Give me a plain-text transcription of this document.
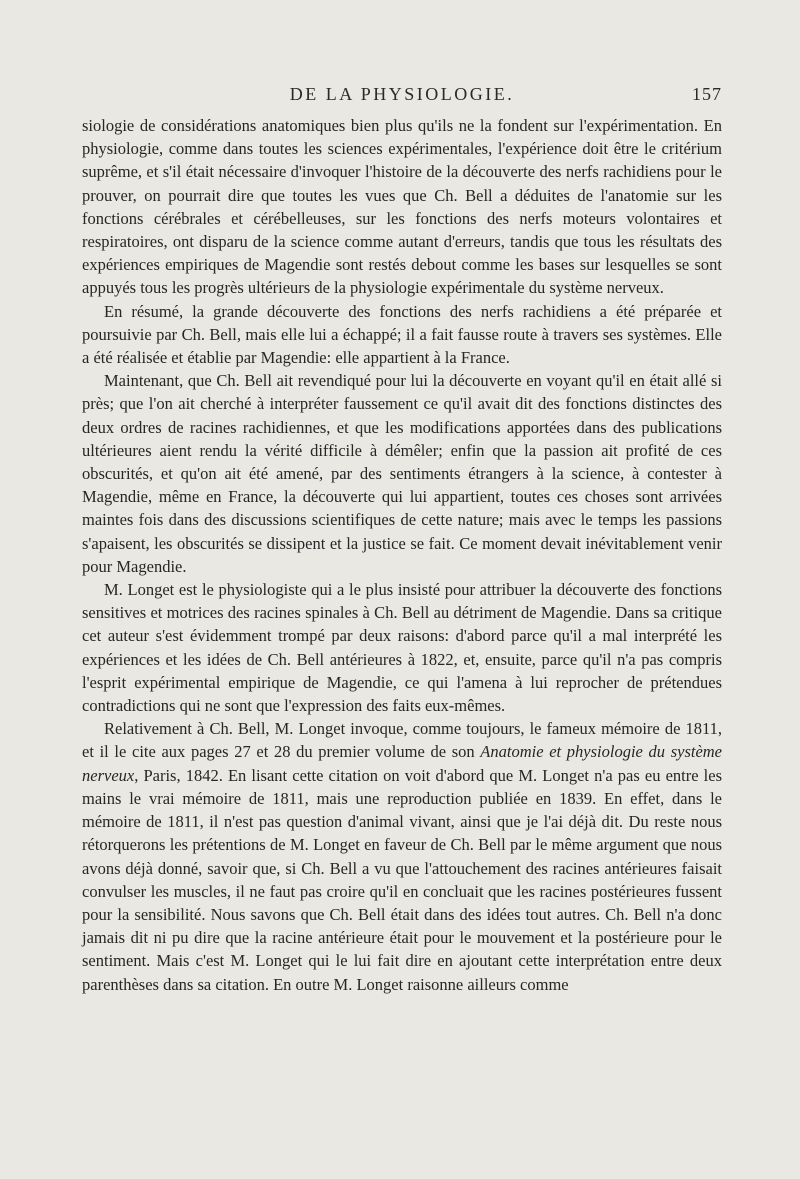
DE LA PHYSIOLOGIE.	157

siologie de considérations anatomiques bien plus qu'ils ne la fondent sur l'expérimentation. En physiologie, comme dans toutes les sciences expérimentales, l'expérience doit être le critérium suprême, et s'il était nécessaire d'invoquer l'histoire de la découverte des nerfs rachidiens pour le prouver, on pourrait dire que toutes les vues que Ch. Bell a déduites de l'anatomie sur les fonctions cérébrales et cérébelleuses, sur les fonctions des nerfs moteurs volontaires et respiratoires, ont disparu de la science comme autant d'erreurs, tandis que tous les résultats des expériences empiriques de Magendie sont restés debout comme les bases sur lesquelles se sont appuyés tous les progrès ultérieurs de la physiologie expérimentale du système nerveux.

En résumé, la grande découverte des fonctions des nerfs rachidiens a été préparée et poursuivie par Ch. Bell, mais elle lui a échappé; il a fait fausse route à travers ses systèmes. Elle a été réalisée et établie par Magendie: elle appartient à la France.

Maintenant, que Ch. Bell ait revendiqué pour lui la découverte en voyant qu'il en était allé si près; que l'on ait cherché à interpréter faussement ce qu'il avait dit des fonctions distinctes des deux ordres de racines rachidiennes, et que les modifications apportées dans des publications ultérieures aient rendu la vérité difficile à démêler; enfin que la passion ait profité de ces obscurités, et qu'on ait été amené, par des sentiments étrangers à la science, à contester à Magendie, même en France, la découverte qui lui appartient, toutes ces choses sont arrivées maintes fois dans des discussions scientifiques de cette nature; mais avec le temps les passions s'apaisent, les obscurités se dissipent et la justice se fait. Ce moment devait inévitablement venir pour Magendie.

M. Longet est le physiologiste qui a le plus insisté pour attribuer la découverte des fonctions sensitives et motrices des racines spinales à Ch. Bell au détriment de Magendie. Dans sa critique cet auteur s'est évidemment trompé par deux raisons: d'abord parce qu'il a mal interprété les expériences et les idées de Ch. Bell antérieures à 1822, et, ensuite, parce qu'il n'a pas compris l'esprit expérimental empirique de Magendie, ce qui l'amena à lui reprocher de prétendues contradictions qui ne sont que l'expression des faits eux-mêmes.

Relativement à Ch. Bell, M. Longet invoque, comme toujours, le fameux mémoire de 1811, et il le cite aux pages 27 et 28 du premier volume de son Anatomie et physiologie du système nerveux, Paris, 1842. En lisant cette citation on voit d'abord que M. Longet n'a pas eu entre les mains le vrai mémoire de 1811, mais une reproduction publiée en 1839. En effet, dans le mémoire de 1811, il n'est pas question d'animal vivant, ainsi que je l'ai déjà dit. Du reste nous rétorquerons les prétentions de M. Longet en faveur de Ch. Bell par le même argument que nous avons déjà donné, savoir que, si Ch. Bell a vu que l'attouchement des racines antérieures faisait convulser les muscles, il ne faut pas croire qu'il en concluait que les racines postérieures fussent pour la sensibilité. Nous savons que Ch. Bell était dans des idées tout autres. Ch. Bell n'a donc jamais dit ni pu dire que la racine antérieure était pour le mouvement et la postérieure pour le sentiment. Mais c'est M. Longet qui le lui fait dire en ajoutant cette interprétation entre deux parenthèses dans sa citation. En outre M. Longet raisonne ailleurs comme
